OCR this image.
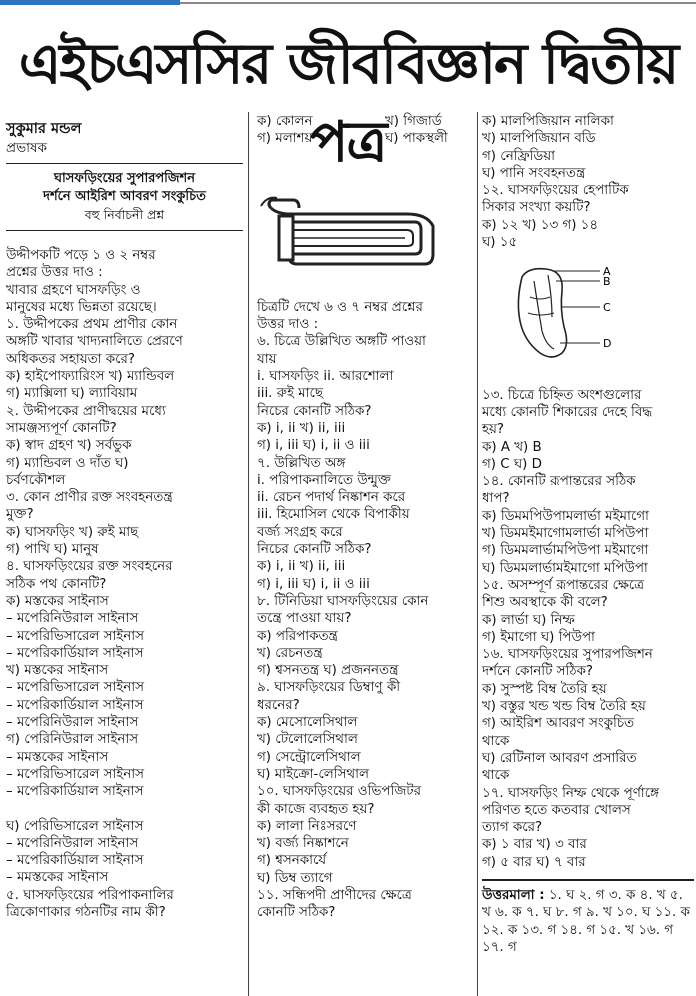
এইচএসসির জীববিজ্ঞান দ্বিতীয় পত্র
সুকুমার মন্ডল
প্রভাষক
ঘাসফড়িংয়ের সুপারপজিশন
দর্শনে আইরিশ আবরণ সংকুচিত
বহু নির্বাচনী প্রশ্ন
উদ্দীপকটি পড়ে ১ ও ২ নম্বর
প্রশ্নের উত্তর দাও :
খাবার গ্রহণে ঘাসফড়িং ও
মানুষের মধ্যে ভিন্নতা রয়েছে।
১. উদ্দীপকের প্রথম প্রাণীর কোন
অঙ্গটি খাবার খাদ্যনালিতে প্রেরণে
অধিকতর সহায়তা করে?
ক) হাইপোফ্যারিংস খ) ম্যান্ডিবল
গ) ম্যাক্সিলা ঘ) ল্যাবিয়াম
২. উদ্দীপকের প্রাণীদ্বয়ের মধ্যে
সামঞ্জস্যপূর্ণ কোনটি?
ক) স্বাদ গ্রহণ খ) সর্বভুক
গ) ম্যান্ডিবল ও দাঁত ঘ)
চর্বণকৌশল
৩. কোন প্রাণীর রক্ত সংবহনতন্ত্র
মুক্ত?
ক) ঘাসফড়িং খ) রুই মাছ
গ) পাখি ঘ) মানুষ
৪. ঘাসফড়িংয়ের রক্ত সংবহনের
সঠিক পথ কোনটি?
ক) মস্তকের সাইনাস
– মপেরিনিউরাল সাইনাস
– মপেরিভিসারেল সাইনাস
– মপেরিকার্ডিয়াল সাইনাস
খ) মস্তকের সাইনাস
– মপেরিভিসারেল সাইনাস
– মপেরিকার্ডিয়াল সাইনাস
– মপেরিনিউরাল সাইনাস
গ) পেরিনিউরাল সাইনাস
– মমস্তকের সাইনাস
– মপেরিভিসারেল সাইনাস
– মপেরিকার্ডিয়াল সাইনাস
ঘ) পেরিভিসারেল সাইনাস
– মপেরিনিউরাল সাইনাস
– মপেরিকার্ডিয়াল সাইনাস
– মমস্তকের সাইনাস
৫. ঘাসফড়িংয়ের পরিপাকনালির
ত্রিকোণাকার গঠনটির নাম কী?
ক) কোলন	খ) গিজার্ড
গ) মলাশয়	ঘ) পাকস্থলী
চিত্রটি দেখে ৬ ও ৭ নম্বর প্রশ্নের
উত্তর দাও :
৬. চিত্রে উল্লিখিত অঙ্গটি পাওয়া
যায়
i. ঘাসফড়িং ii. আরশোলা
iii. রুই মাছে
নিচের কোনটি সঠিক?
ক) i, ii খ) ii, iii
গ) i, iii ঘ) i, ii ও iii
৭. উল্লিখিত অঙ্গ
i. পরিপাকনালিতে উন্মুক্ত
ii. রেচন পদার্থ নিষ্কাশন করে
iii. হিমোসিল থেকে বিপাকীয়
বর্জ্য সংগ্রহ করে
নিচের কোনটি সঠিক?
ক) i, ii খ) ii, iii
গ) i, iii ঘ) i, ii ও iii
৮. টিনিডিয়া ঘাসফড়িংয়ের কোন
তন্ত্রে পাওয়া যায়?
ক) পরিপাকতন্ত্র
খ) রেচনতন্ত্র
গ) শ্বসনতন্ত্র ঘ) প্রজননতন্ত্র
৯. ঘাসফড়িংয়ের ডিম্বাণু কী
ধরনের?
ক) মেসোলেসিথাল
খ) টেলোলেসিথাল
গ) সেন্ট্রোলেসিথাল
ঘ) মাইক্রো-লেসিথাল
১০. ঘাসফড়িংয়ের ওভিপজিটর
কী কাজে ব্যবহৃত হয়?
ক) লালা নিঃসরণে
খ) বর্জ্য নিষ্কাশনে
গ) শ্বসনকার্যে
ঘ) ডিম্ব ত্যাগে
১১. সন্ধিপদী প্রাণীদের ক্ষেত্রে
কোনটি সঠিক?
ক) মালপিজিয়ান নালিকা
খ) মালপিজিয়ান বডি
গ) নেফ্রিডিয়া
ঘ) পানি সংবহনতন্ত্র
১২. ঘাসফড়িংয়ের হেপাটিক
সিকার সংখ্যা কয়টি?
ক) ১২ খ) ১৩ গ) ১৪
ঘ) ১৫
A
B
C
D
১৩. চিত্রে চিহ্নিত অংশগুলোর
মধ্যে কোনটি শিকারের দেহে বিদ্ধ
হয়?
ক) A খ) B
গ) C ঘ) D
১৪. কোনটি রূপান্তরের সঠিক
ধাপ?
ক) ডিমমপিউপামলার্ভা মইমাগো
খ) ডিমমইমাগোমলার্ভা মপিউপা
গ) ডিমমলার্ভামপিউপা মইমাগো
ঘ) ডিমমলার্ভামইমাগো মপিউপা
১৫. অসম্পূর্ণ রূপান্তরের ক্ষেত্রে
শিশু অবস্থাকে কী বলে?
ক) লার্ভা ঘ) নিম্ফ
গ) ইমাগো ঘ) পিউপা
১৬. ঘাসফড়িংয়ের সুপারপজিশন
দর্শনে কোনটি সঠিক?
ক) সুস্পষ্ট বিম্ব তৈরি হয়
খ) বস্তুর খন্ড খন্ড বিম্ব তৈরি হয়
গ) আইরিশ আবরণ সংকুচিত
থাকে
ঘ) রেটিনাল আবরণ প্রসারিত
থাকে
১৭. ঘাসফড়িং নিম্ফ থেকে পূর্ণাঙ্গে
পরিণত হতে কতবার খোলস
ত্যাগ করে?
ক) ১ বার খ) ৩ বার
গ) ৫ বার ঘ) ৭ বার
উত্তরমালা : ১. ঘ ২. গ ৩. ক ৪. খ ৫. খ ৬. ক ৭. ঘ ৮. গ ৯. খ ১০. ঘ ১১. ক ১২. ক ১৩. গ ১৪. গ ১৫. খ ১৬. গ ১৭. গ
